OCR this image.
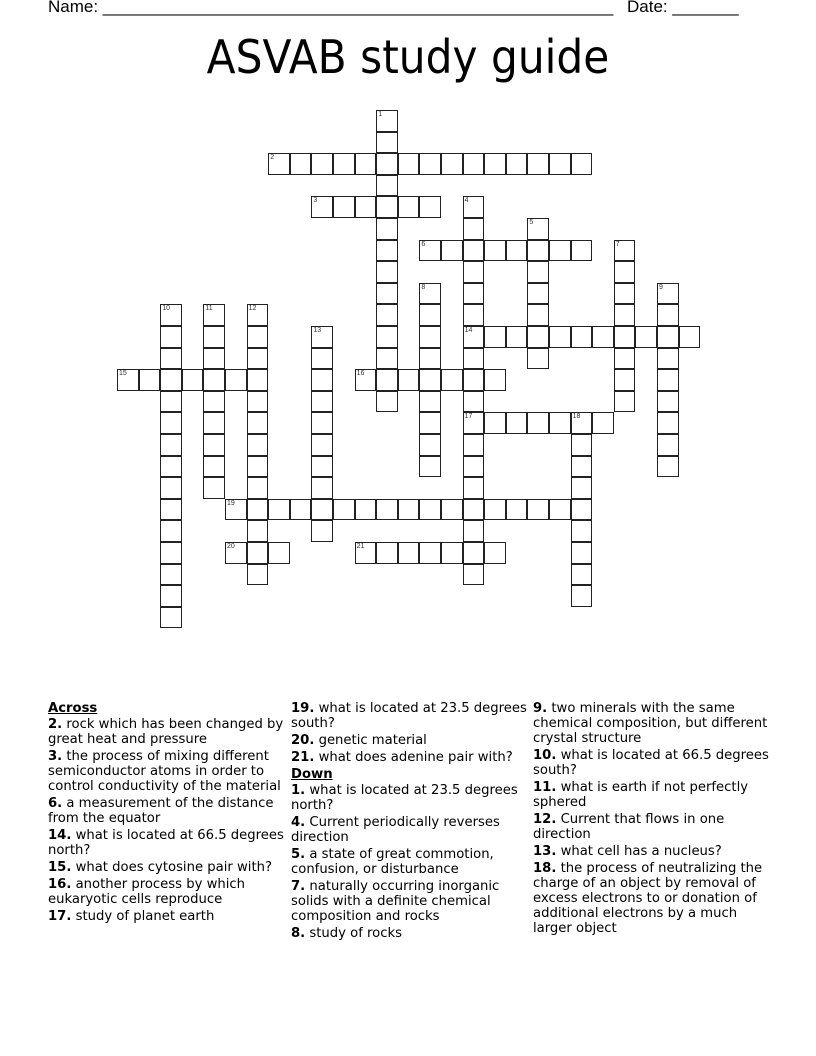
Name: ______________________________________________________ Date: _______
ASVAB study guide
1
2
3	4
14
17
5
6	7
8	9
10	11	12
13
15	16
18
19
20	21
Across
2. rock which has been changed by great heat and pressure
3. the process of mixing different semiconductor atoms in order to control conductivity of the material
6. a measurement of the distance from the equator
14. what is located at 66.5 degrees north?
15. what does cytosine pair with?
16. another process by which eukaryotic cells reproduce
17. study of planet earth
19. what is located at 23.5 degrees south?
20. genetic material
21. what does adenine pair with?
Down
1. what is located at 23.5 degrees north?
4. Current periodically reverses direction
5. a state of great commotion, confusion, or disturbance
7. naturally occurring inorganic solids with a definite chemical composition and rocks
8. study of rocks
9. two minerals with the same chemical composition, but different crystal structure
10. what is located at 66.5 degrees south?
11. what is earth if not perfectly sphered
12. Current that flows in one direction
13. what cell has a nucleus?
18. the process of neutralizing the charge of an object by removal of excess electrons to or donation of additional electrons by a much larger object
